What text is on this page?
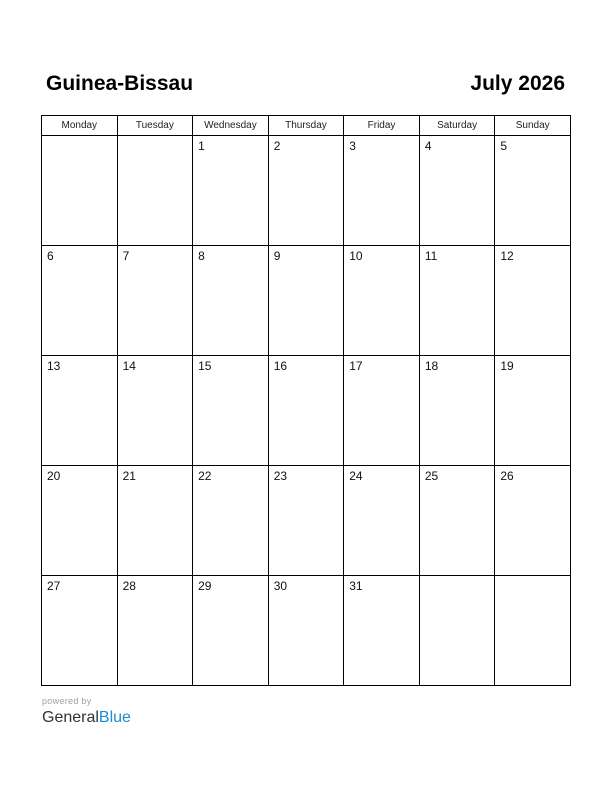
Guinea-Bissau	July 2026
Monday	Tuesday	Wednesday	Thursday	Friday	Saturday	Sunday

		1	2	3	4	5

6	7	8	9	10	11	12

13	14	15	16	17	18	19

20	21	22	23	24	25	26

27	28	29	30	31		

powered by
GeneralBlue
